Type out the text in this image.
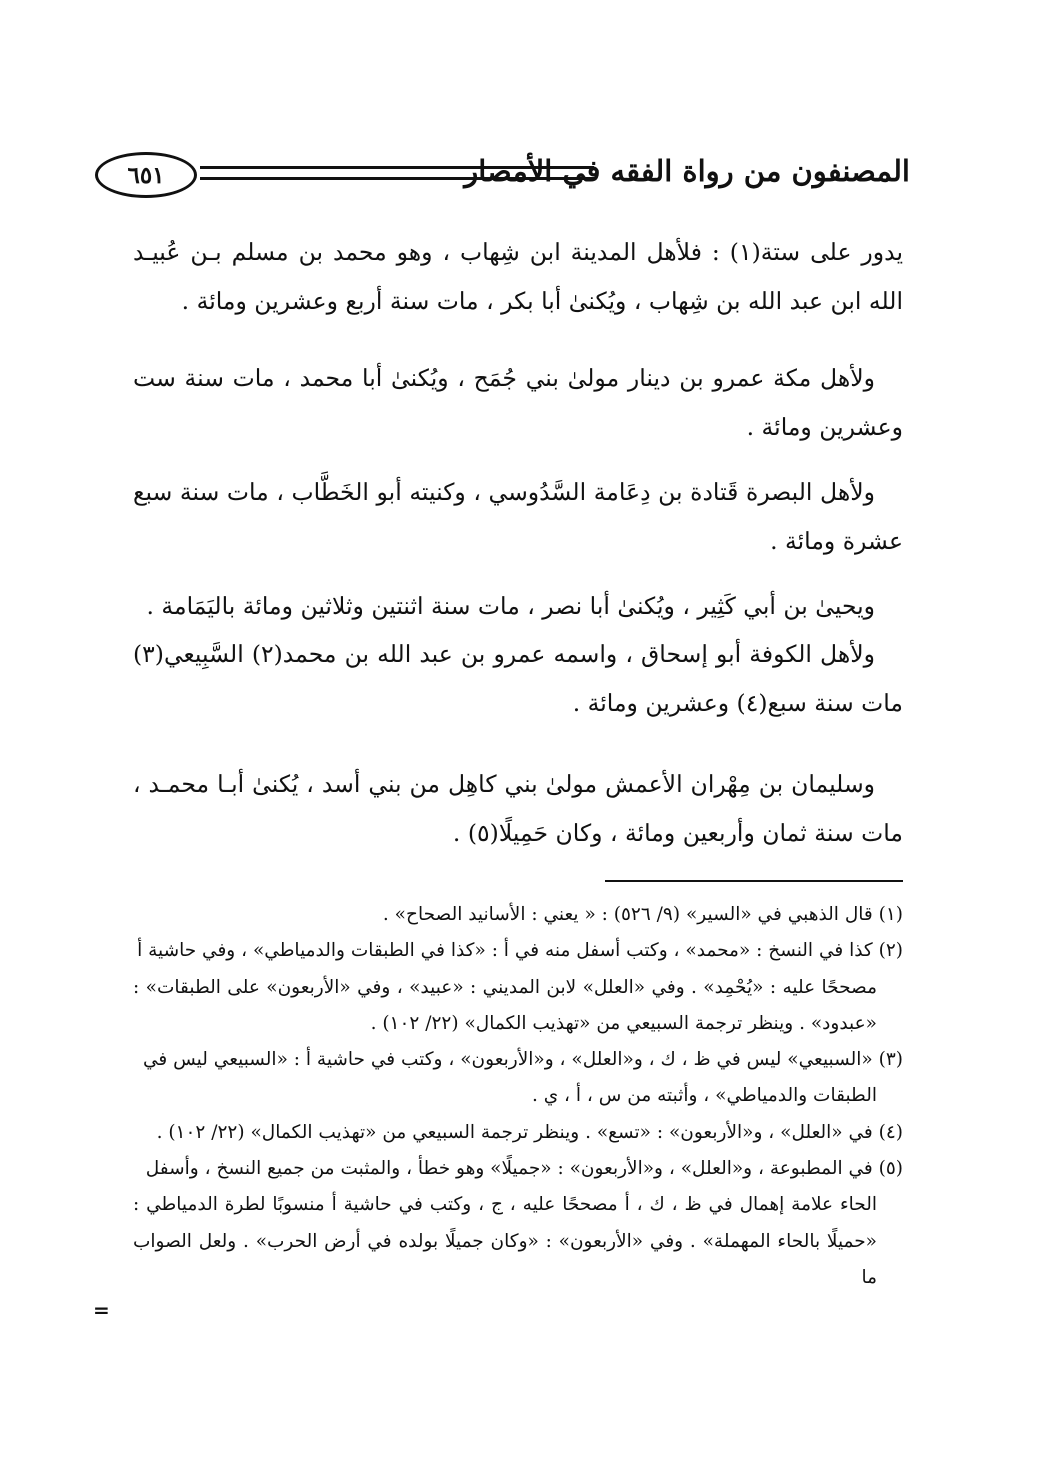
المصنفون من رواة الفقه في الأمصار
٦٥١

يدور على ستة(١) : فلأهل المدينة ابن شِهاب ، وهو محمد بن مسلم بـن عُبيـد الله ابن عبد الله بن شِهاب ، ويُكنىٰ أبا بكر ، مات سنة أربع وعشرين ومائة .

ولأهل مكة عمرو بن دينار مولىٰ بني جُمَح ، ويُكنىٰ أبا محمد ، مات سنة ست وعشرين ومائة .

ولأهل البصرة قَتادة بن دِعَامة السَّدُوسي ، وكنيته أبو الخَطَّاب ، مات سنة سبع عشرة ومائة .

ويحيىٰ بن أبي كَثِير ، ويُكنىٰ أبا نصر ، مات سنة اثنتين وثلاثين ومائة باليَمَامة .

ولأهل الكوفة أبو إسحاق ، واسمه عمرو بن عبد الله بن محمد(٢) السَّبِيعي(٣) مات سنة سبع(٤) وعشرين ومائة .

وسليمان بن مِهْران الأعمش مولىٰ بني كاهِل من بني أسد ، يُكنىٰ أبـا محمـد ، مات سنة ثمان وأربعين ومائة ، وكان حَمِيلًا(٥) .

(١) قال الذهبي في «السير» (٩/ ٥٢٦) : « يعني : الأسانيد الصحاح» .

(٢) كذا في النسخ : «محمد» ، وكتب أسفل منه في أ : «كذا في الطبقات والدمياطي» ، وفي حاشية أ

مصححًا عليه : «يُحْمِد» . وفي «العلل» لابن المديني : «عبيد» ، وفي «الأربعون» على الطبقات» : «عبدود» . وينظر ترجمة السبيعي من «تهذيب الكمال» (٢٢/ ١٠٢) .

(٣) «السبيعي» ليس في ظ ، ك ، و«العلل» ، و«الأربعون» ، وكتب في حاشية أ : «السبيعي ليس في

الطبقات والدمياطي» ، وأثبته من س ، أ ، ي .

(٤) في «العلل» ، و«الأربعون» : «تسع» . وينظر ترجمة السبيعي من «تهذيب الكمال» (٢٢/ ١٠٢) .

(٥) في المطبوعة ، و«العلل» ، و«الأربعون» : «جميلًا» وهو خطأ ، والمثبت من جميع النسخ ، وأسفل

الحاء علامة إهمال في ظ ، ك ، أ مصححًا عليه ، ج ، وكتب في حاشية أ منسوبًا لطرة الدمياطي : «حميلًا بالحاء المهملة» . وفي «الأربعون» : «وكان جميلًا بولده في أرض الحرب» . ولعل الصواب ما

=
